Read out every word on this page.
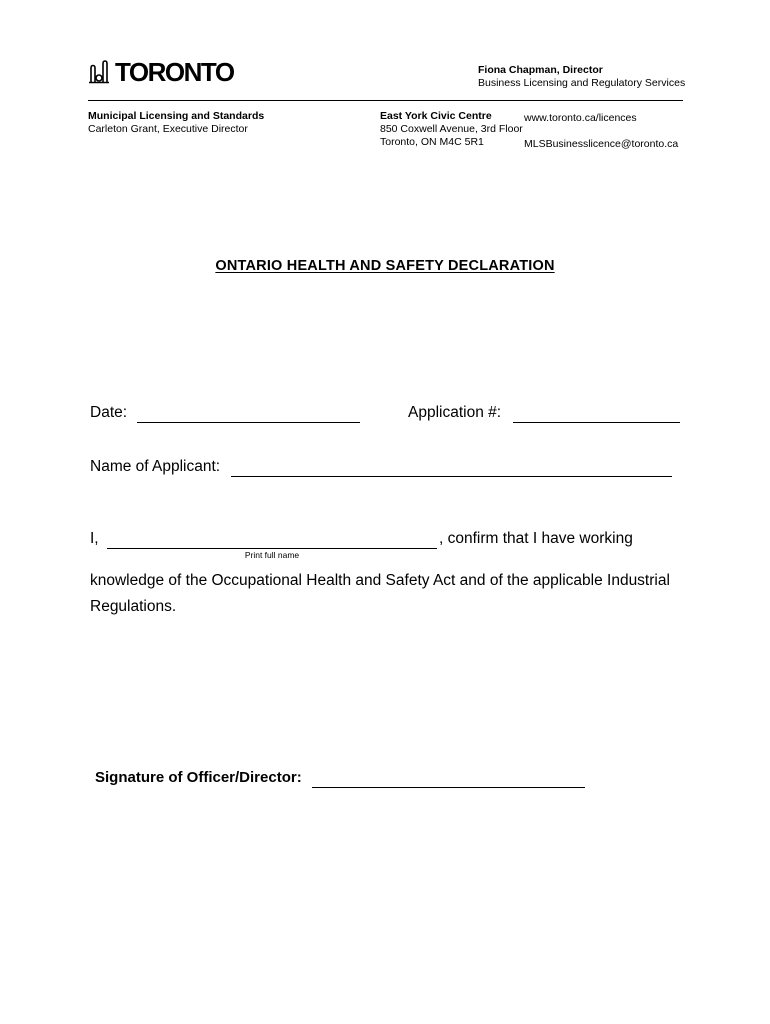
TORONTO	Fiona Chapman, Director
Business Licensing and Regulatory Services
Municipal Licensing and Standards
Carleton Grant, Executive Director
East York Civic Centre
850 Coxwell Avenue, 3rd Floor
Toronto, ON M4C 5R1
www.toronto.ca/licences
MLSBusinesslicence@toronto.ca
ONTARIO HEALTH AND SAFETY DECLARATION
Date:	Application #:
Name of Applicant:
I,	, confirm that I have working
Print full name
knowledge of the Occupational Health and Safety Act and of the applicable Industrial
Regulations.
Signature of Officer/Director:
